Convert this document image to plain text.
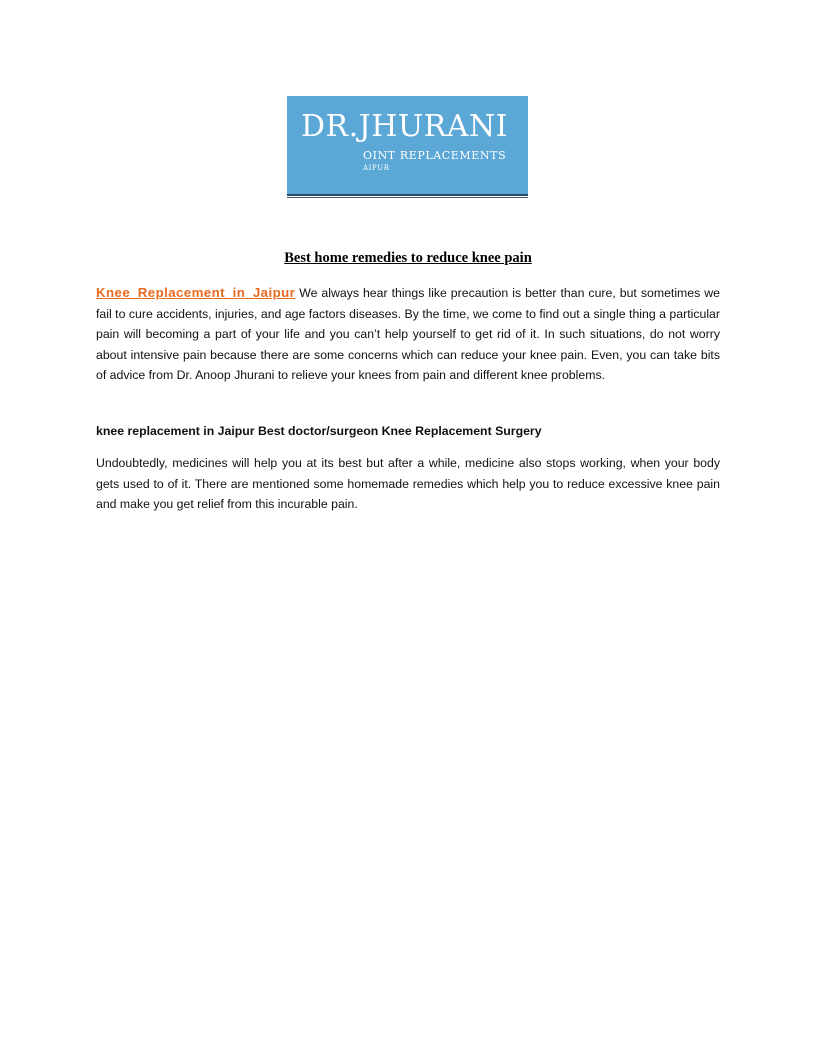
DR.JHURANI
OINT REPLACEMENTS
AIPUR
Best home remedies to reduce knee pain
Knee Replacement in Jaipur We always hear things like precaution is better than cure, but sometimes we fail to cure accidents, injuries, and age factors diseases. By the time, we come to find out a single thing a particular pain will becoming a part of your life and you can’t help yourself to get rid of it. In such situations, do not worry about intensive pain because there are some concerns which can reduce your knee pain. Even, you can take bits of advice from Dr. Anoop Jhurani to relieve your knees from pain and different knee problems.
knee replacement in Jaipur Best doctor/surgeon Knee Replacement Surgery
Undoubtedly, medicines will help you at its best but after a while, medicine also stops working, when your body gets used to of it. There are mentioned some homemade remedies which help you to reduce excessive knee pain and make you get relief from this incurable pain.
